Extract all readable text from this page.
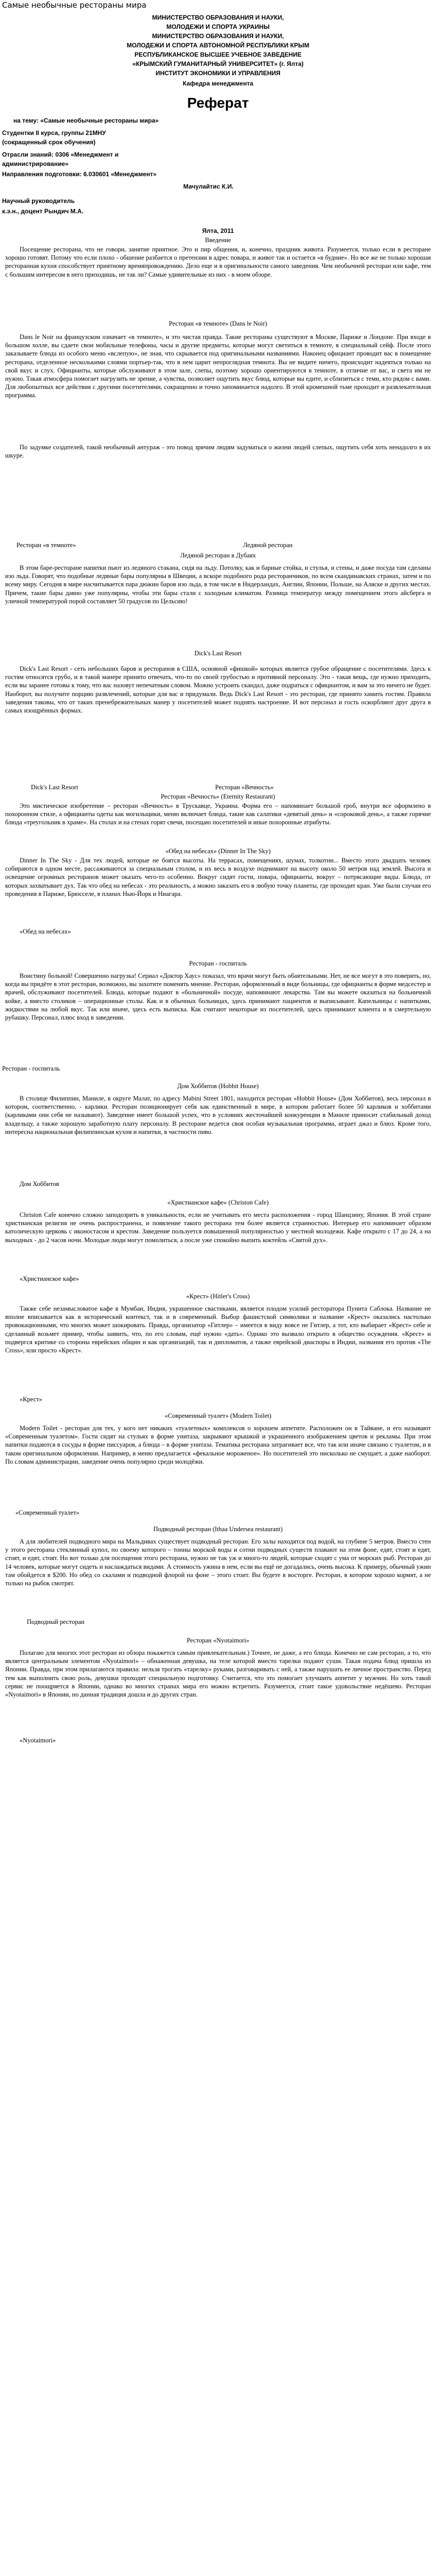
Самые необычные рестораны мира
МИНИСТЕРСТВО ОБРАЗОВАНИЯ И НАУКИ,
МОЛОДЕЖИ И СПОРТА УКРАИНЫ
МИНИСТЕРСТВО ОБРАЗОВАНИЯ И НАУКИ,
МОЛОДЕЖИ И СПОРТА АВТОНОМНОЙ РЕСПУБЛИКИ КРЫМ
РЕСПУБЛИКАНСКОЕ ВЫСШЕЕ УЧЕБНОЕ ЗАВЕДЕНИЕ
«КРЫМСКИЙ ГУМАНИТАРНЫЙ УНИВЕРСИТЕТ» (г. Ялта)
ИНСТИТУТ ЭКОНОМИКИ И УПРАВЛЕНИЯ
Кафедра менеджмента
Реферат
на тему: «Самые необычные рестораны мира»
Студентки II курса, группы 21МНУ
(сокращенный срок обучения)
Отрасли знаний: 0306 «Менеджмент и
администрирование»
Направления подготовки: 6.030601 «Менеджмент»
Мачулайтис К.И.
Научный руководитель
к.э.н., доцент Рындич М.А.
Ялта, 2011
Введение
Посещение ресторана, что не говори, занятие приятное. Это и пир общения, и, конечно, праздник живота. Разумеется, только если в ресторане хорошо готовят. Потому что если плохо - обшение разбается о претензии в адрес повара, и живот так и остается «в будние». Но все же не только хорошая ресторанная кухня способствует приятному времяпровождению. Дело еще и в оригинальности самого заведения. Чем необычней ресторан или кафе, тем с большим интересом в него приходишь, не так ли? Самые удивительные из них - в моем обзоре.
Ресторан «в темноте» (Dans le Noir)
Dans le Noir на французском означает «в темноте», и это чистая правда. Такие рестораны существуют в Москве, Париже и Лондоне. При входе в большом холле, вы сдаете свои мобильные телефоны, часы и другие предметы, которые могут светиться в темноте, в специальный сейф. После этого заказываете блюда из особого меню «вслепую», не зная, что скрывается под оригинальными названиями. Наконец официант проводит вас в помещение ресторана, отделенное несколькими слоями портьер-так, что в нем царит непроглядная темнота. Вы не видите ничего, происходит надеяться только на свой вкус и слух. Официанты, которые обслуживают в этом зале, слепы, поэтому хорошо ориентируются в темноте, в отличие от вас, и света им не нужно. Такая атмосфера помогает нагрузить не зрение, а чувства, позволяет ощутить вкус блюд, которые вы едите, и сблизиться с теми, кто рядом с вами. Для любопытных все действия с другими посетителями, сокращенно и точно запоминается надолго. В этой кромешной тьме проходит и развлекательная программа.
По задумке создателей, такой необычный антураж - это повод зрячим людям задуматься о жизни людей слепых, ощутить себя хоть ненадолго в их шкуре.
Ресторан «в темноте»	Ледяной ресторан
Ледяной ресторан в Дубаях
В этом баре-ресторане напитки пьют из ледяного стакана, сидя на льду. Потолку, как и барные стойка, и стулья, и стены, и даже посуда там сделаны изо льда. Говорят, что подобные ледяные бары популярны в Швеции, а вскоре подобного рода ресторанчиков, по всем скандинавских странах, затем и по всему миру. Сегодня в мире насчитывается пара дюжин баров изо льда, в том числе в Нидерландах, Англии, Японии, Польше, на Аляске и других местах. Причем, такие бары давно уже популярны, чтобы эти бары стали с холодным климатом. Разница температур между помещением этого айсберга и уличной температурой порой составляет 50 градусов по Цельсию!
Dick's Last Resort
Dick's Last Resort - сеть небольших баров и ресторанов в США, основной «фишкой» которых является грубое обращение с посетителями. Здесь к гостям относятся грубо, и в такой манере принято отвечать, что-то по своей грубостью и противной персоналу. Это - такая вещь, где нужно приходить, если вы заранее готовы к тому, что вас назовут непечатным словом. Можно устроить скандал, даже подраться с официантом, и вам за это ничего не будет. Наоборот, вы получите порцию развлечений, которые для вас и придумали. Ведь Dick's Last Resort - это ресторан, где принято хамить гостям. Правила заведения таковы, что от таких пренебрежительных манер у посетителей может поднять настроение. И вот персонал и гость оскорбляют друг друга в самых изощрённых формах.
Dick's Last Resort	Ресторан «Вечность»
Ресторан «Вечность» (Eternity Restaurant)
Это мистическое изобретение – ресторан «Вечность» в Трускавце, Украина. Форма его – напоминает большой гроб, внутри все оформлено в похоронном стиле, а официанты одеты как могильщики, меню включает блюда, такие как салатики «девятый день» и «сороковой день», а также горячие блюда «треугольник в храме». На столах и на стенах горят свечи, посещаю посетителей и иные похоронные атрибуты.
«Обед на небесах» (Dinner In The Sky)
Dinner In The Sky - Для тех людей, которые не боятся высоты. На террасах, помещениях, шумах, толкотни... Вместо этого двадцать человек собираются в одном месте, рассаживаются за специальным столом, и их весь в воздухе поднимают на высоту около 50 метров над землей. Высота и освещение огромных ресторанов может оказать чего-то особенно. Вокруг сидят гости, повара, официанты, вокруг – потрясающие виды. Блюда, от которых захватывает дух. Так что обед на небесах - это реальность, а можно заказать его в любую точку планеты, где проходит кран. Уже были случаи его проведения в Париже, Брюсселе, в планах Нью-Йорк и Ниагара.
«Обед на небесах»
Ресторан - госпиталь
Воистину больной! Совершенно нагрузка! Сериал «Доктор Хаус» показал, что врачи могут быть обаятельными. Нет, не все могут в это поверить, но, когда вы придёте в этот ресторан, возможно, вы захотите поменять мнение. Ресторан, оформленный в виде больницы, где официанты в форме медсестер и врачей, обслуживают посетителей. Блюда, которые подают в «больничной» посуде, напоминают лекарства. Там вы можете оказаться на больничной койке, а вместо столиков – операционные столы. Как и в обычных больницах, здесь принимают пациентов и выписывают. Капельницы с напитками, жидкостями на любой вкус. Так или иначе, здесь есть выписка. Как считают некоторые из посетителей, здесь принимают клиента и в смертельную рубашку. Персонал, плюс вход в заведении.
Ресторан - госпиталь
Дом Хоббитов (Hobbit House)
В столице Филиппин, Маниле, в округе Малат, по адресу Mabini Street 1801, находится ресторан «Hobbit House» (Дом Хоббитов), весь персонал в котором, соответственно, - карлики. Ресторан позиционирует себя как единственный в мире, в котором работает более 50 карликов и хоббитами (карликами они себя не называют). Заведение имеет большой успех, что в условиях жесточайшей конкуренции в Маниле приносит стабильный доход владельцу, а также хорошую заработную плату персоналу. В ресторане ведется своя особая музыкальная программа, играет джаз и блюз. Кроме того, интересна национальная филиппинская кухня и напитки, в частности пиво.
Дом Хоббитов
«Христианское кафе» (Christon Cafe)
Christon Cafe конечно сложно заподозрить в уникальности, если не учитывать его места расположения - город Шанцзину, Япония. В этой стране христианская религия не очень распространена, и появление такого ресторана тем более является странностью. Интерьер его напоминает образом католическую церковь с иконостасом и крестом. Заведение пользуется повышенной популярностью у местной молодежи. Кафе открыто с 17 до 24, а на выходных - до 2 часов ночи. Молодые люди могут помолиться, а после уже спокойно выпить коктейль «Святой дух».
«Христианское кафе»
«Крест» (Hitler's Cross)
Также себе незамысловатое кафе в Мумбаи, Индия, украшенное свастиками, является плодом усилий ресторатора Пунита Саблока. Название не вполне вписывается как в исторический контекст, так и в современный. Выбор фашистской символики и название «Крест» оказались настолько провокационными, что многих может шокировать. Правда, организатор «Гитлер» – имеется в виду вовсе не Гитлер, а тот, кто выбирает «Крест» себе и сделанный возьмет пример, чтобы заявить, что, по его словам, ещё нужно «дать». Однако это вызвало открыто в общество осуждения. «Крест» и подвергся критике со стороны еврейских общин и как организаций, так и дипломатов, а также еврейской диаспоры в Индии, названия его против «The Cross», или просто «Крест».
«Крест»
«Современный туалет» (Modern Toilet)
Modern Toilet - ресторан для тех, у кого нет никаких «туалетных» комплексов о хорошем аппетите. Расположен он в Тайване, и его называют «Современным туалетом». Гости сидят на стульях в форме унитаза, закрывают крышкой и украшенного изображением цветов и рекламы. При этом напитки подаются в сосуды в форме писсуаров, а блюда – в форме унитаза. Тематика ресторана затрагивает все, что так или иначе связано с туалетом, и в таком оригинальном оформлении. Например, в меню предлагается «фекальное мороженое». Но посетителей это нисколько не смущает, а даже наоборот. По словам администрации, заведение очень популярно среди молодёжи.
«Современный туалет»
Подводный ресторан (Ithaa Undersea restaurant)
А для любителей подводного мира на Мальдивах существует подводный ресторан. Его залы находятся под водой, на глубине 5 метров. Вместо стен у этого ресторана стеклянный купол, по своему которого – тонны морской воды и сотни подводных существ плавают на этом фоне, едят, стоят и едят, стоят, и едят, стоят. Но вот только для посещения этого ресторана, нужно не так уж и много-то людей, которые сходят с ума от морских рыб. Ресторан до 14 человек, которые могут сидеть и наслаждаться видами. А стоимость ужина в нем, если вы ещё не догадались, очень высока. К примеру, обычный ужин там обойдется в $200. Но обед со скалами и подводной флорой на фоне – этого стоит. Вы будете в восторге. Ресторан, в котором хорошо кормят, а не только на рыбок смотрят.
Подводный ресторан
Ресторан «Nyotaimori»
Полагаю для многих этот ресторан из обзора покажется самым привлекательным.) Точнее, не даже, а его блюда. Конечно не сам ресторан, а то, что является центральным элементом «Nyotaimori» – обнаженная девушка, на теле которой вместо тарелки подают суши. Такая подача блюд пришла из Японии. Правда, при этом прилагаются правила: нельзя трогать «тарелку» руками, разговаривать с ней, а также нарушать ее личное пространство. Перед тем как выполнить свою роль, девушки проходят специальную подготовку. Считается, что это помогает улучшить аппетит у мужчин. Но хоть такой сервис не поощряется в Японии, однако во многих странах мира его можно встретить. Разумеется, стоит такое удовольствие недёшево. Ресторан «Nyotaimori» в Японии, но данная традиция дошла и до других стран.
«Nyotaimori»
